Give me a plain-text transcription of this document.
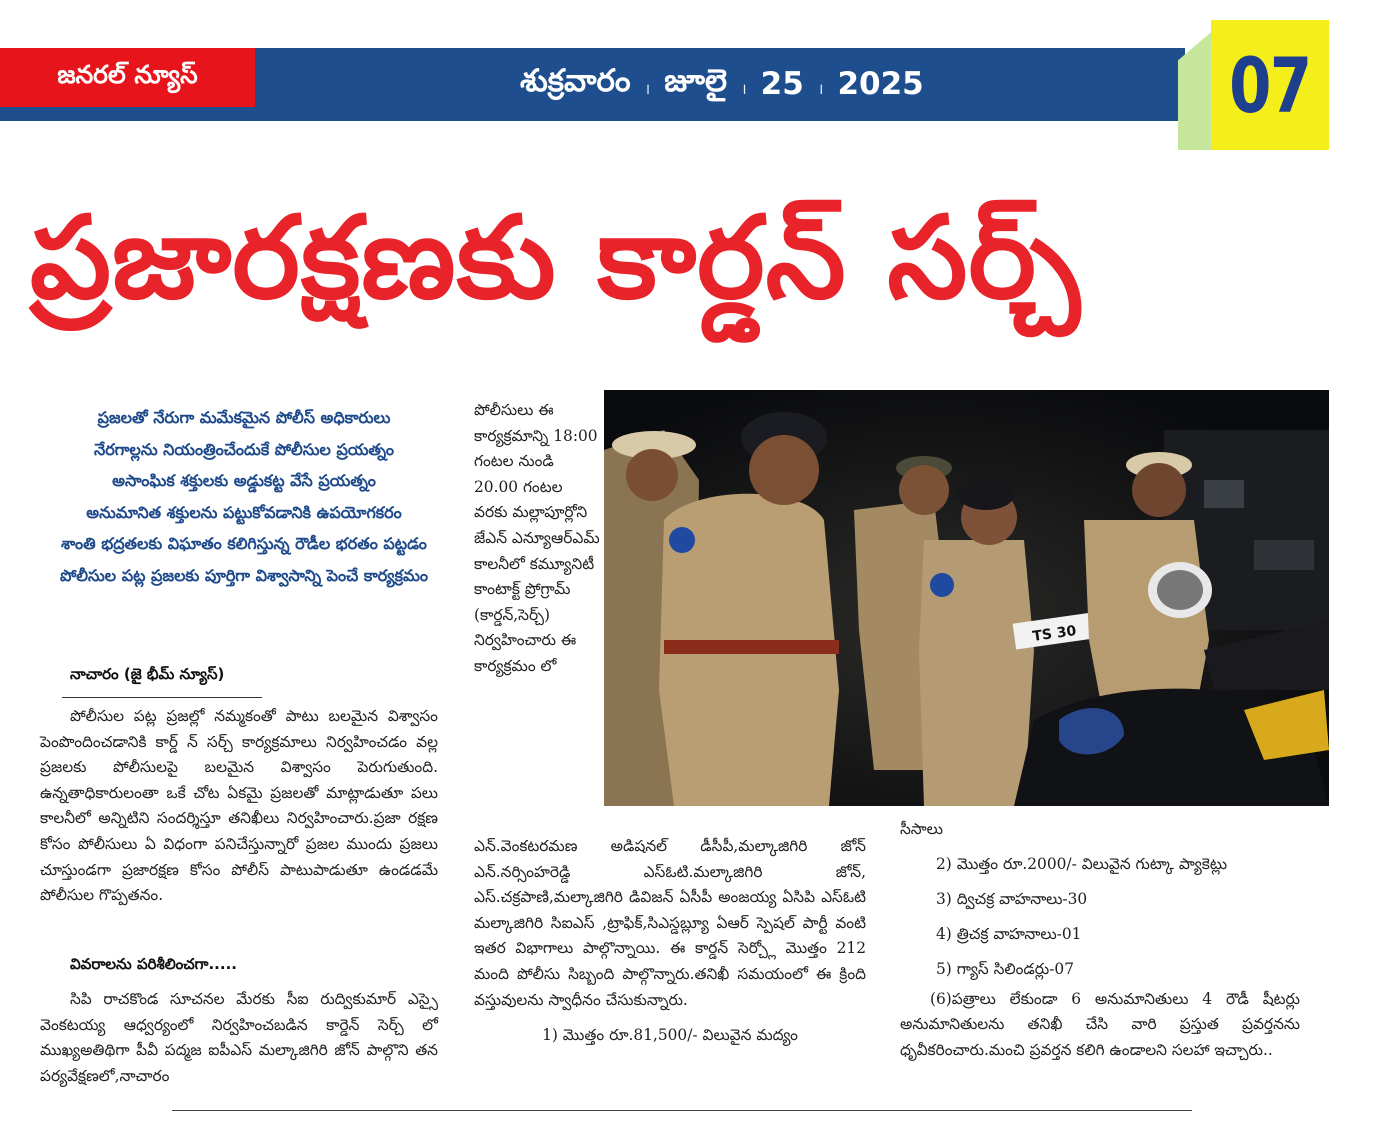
జనరల్ న్యూస్	శుక్రవారం । జూలై । 25 । 2025	07
ప్రజారక్షణకు కార్డన్ సర్చ్
ప్రజలతో నేరుగా మమేకమైన పోలీస్ అధికారులు
నేరగాల్లను నియంత్రించేందుకే పోలీసుల ప్రయత్నం
అసాంఘిక శక్తులకు అడ్డుకట్ట వేసే ప్రయత్నం
అనుమానిత శక్తులను పట్టుకోవడానికి ఉపయోగకరం
శాంతి భద్రతలకు విఘాతం కలిగిస్తున్న రౌడీల భరతం పట్టడం
పోలీసుల పట్ల ప్రజలకు పూర్తిగా విశ్వాసాన్ని పెంచే కార్యక్రమం
నాచారం (జై భీమ్ న్యూస్)
పోలీసుల పట్ల ప్రజల్లో నమ్మకంతో పాటు బలమైన విశ్వాసం పెంపొందించడానికి కార్డ్ న్ సర్చ్ కార్యక్రమాలు నిర్వహించడం వల్ల ప్రజలకు పోలీసులపై బలమైన విశ్వాసం పెరుగుతుంది. ఉన్నతాధికారులంతా ఒకే చోట ఏకమై ప్రజలతో మాట్లాడుతూ పలు కాలనీలో అన్నిటిని సందర్శిస్తూ తనిఖీలు నిర్వహించారు.ప్రజా రక్షణ కోసం పోలీసులు ఏ విధంగా పనిచేస్తున్నారో ప్రజల ముందు ప్రజలు చూస్తుండగా ప్రజారక్షణ కోసం పోలీస్ పాటుపాడుతూ ఉండడమే పోలీసుల గొప్పతనం.
వివరాలను పరిశీలించగా.....
సిపి రాచకొండ సూచనల మేరకు సీఐ రుద్వికుమార్ ఎస్సై వెంకటయ్య ఆధ్వర్యంలో నిర్వహించబడిన కార్డెన్ సెర్చ్ లో ముఖ్యఅతిథిగా పీవీ పద్మజ ఐపీఎస్ మల్కాజిగిరి జోన్ పాల్గొని తన పర్యవేక్షణలో,నాచారం
పోలీసులు ఈ కార్యక్రమాన్ని 18:00 గంటల నుండి 20.00 గంటల వరకు మల్లాపూర్లోని జేఎన్ ఎన్యూఆర్ఎమ్ కాలనీలో కమ్యూనిటీ కాంటాక్ట్ ప్రోగ్రామ్ (కార్డన్,సెర్చ్) నిర్వహించారు ఈ కార్యక్రమం లో
TS 30
ఎన్.వెంకటరమణ అడిషనల్ డీసీపీ,మల్కాజిగిరి జోన్ ఎన్.నర్సింహరెడ్డి ఎస్ఓటి.మల్కాజిగిరి జోన్, ఎస్.చక్రపాణి,మల్కాజిగిరి డివిజన్ ఏసీపీ అంజయ్య ఏసిపి ఎస్ఓటి మల్కాజిగిరి సిఐఎస్ ,ట్రాఫిక్,సిఎస్డబ్ల్యూ ఏఆర్ స్పెషల్ పార్టీ వంటి ఇతర విభాగాలు పాల్గొన్నాయి. ఈ కార్డన్ సెర్చ్లో మొత్తం 212 మంది పోలీసు సిబ్బంది పాల్గొన్నారు.తనిఖీ సమయంలో ఈ క్రింది వస్తువులను స్వాధీనం చేసుకున్నారు.
1) మొత్తం రూ.81,500/- విలువైన మద్యం
సీసాలు
2) మొత్తం రూ.2000/- విలువైన గుట్కా ప్యాకెట్లు
3) ద్విచక్ర వాహనాలు-30
4) త్రిచక్ర వాహనాలు-01
5) గ్యాస్ సిలిండర్లు-07
(6)పత్రాలు లేకుండా 6 అనుమానితులు 4 రౌడీ షీటర్లు అనుమానితులను తనిఖీ చేసి వారి ప్రస్తుత ప్రవర్తనను ధృవీకరించారు.మంచి ప్రవర్తన కలిగి ఉండాలని సలహా ఇచ్చారు..
